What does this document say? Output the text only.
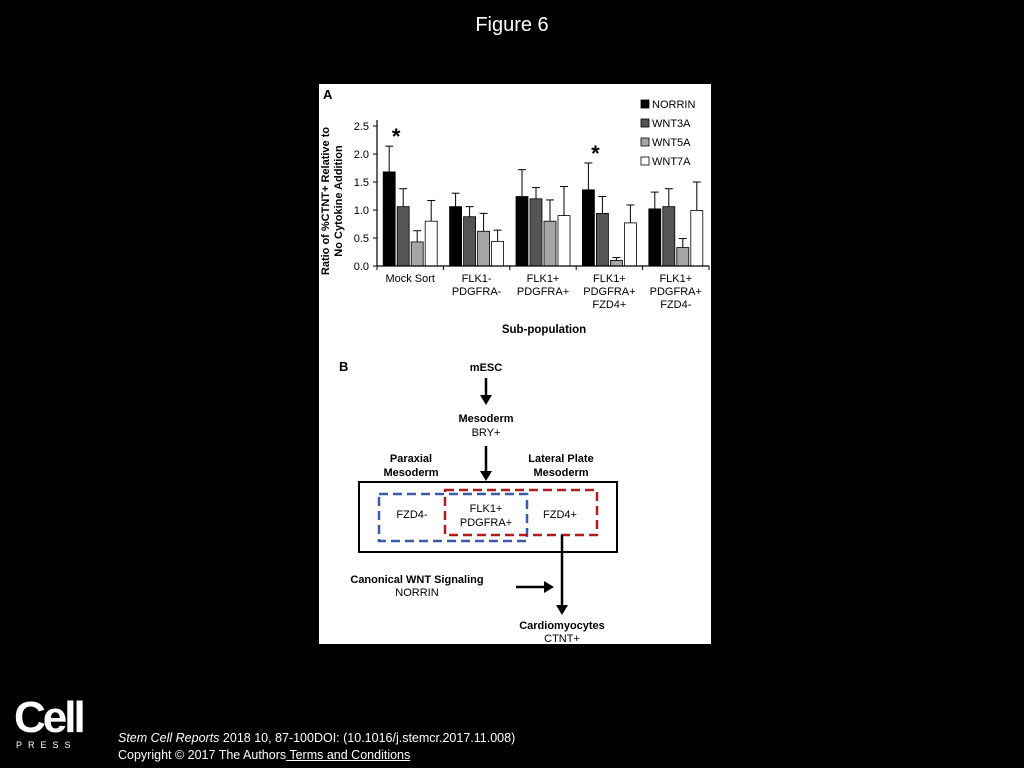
Figure 6
A
0.0
0.5
1.0
1.5
2.0
2.5
Mock Sort FLK1-
PDGFRA-
FLK1+
PDGFRA+
FLK1+
PDGFRA+
FZD4+
FLK1+
PDGFRA+
FZD4-
*
*
NORRIN
WNT3A
WNT5A
WNT7A
Ratio of %CTNT+ Relative to No Cytokine Addition
Sub-population
B	mESC
Mesoderm
BRY+
Paraxial
Mesoderm
Lateral Plate
Mesoderm
FZD4-	FLK1+
PDGFRA+
FZD4+
Canonical WNT Signaling
NORRIN
Cardiomyocytes
CTNT+
Cell
PRESS	Stem Cell Reports 2018 10, 87-100DOI: (10.1016/j.stemcr.2017.11.008)
Copyright © 2017 The Authors Terms and Conditions
